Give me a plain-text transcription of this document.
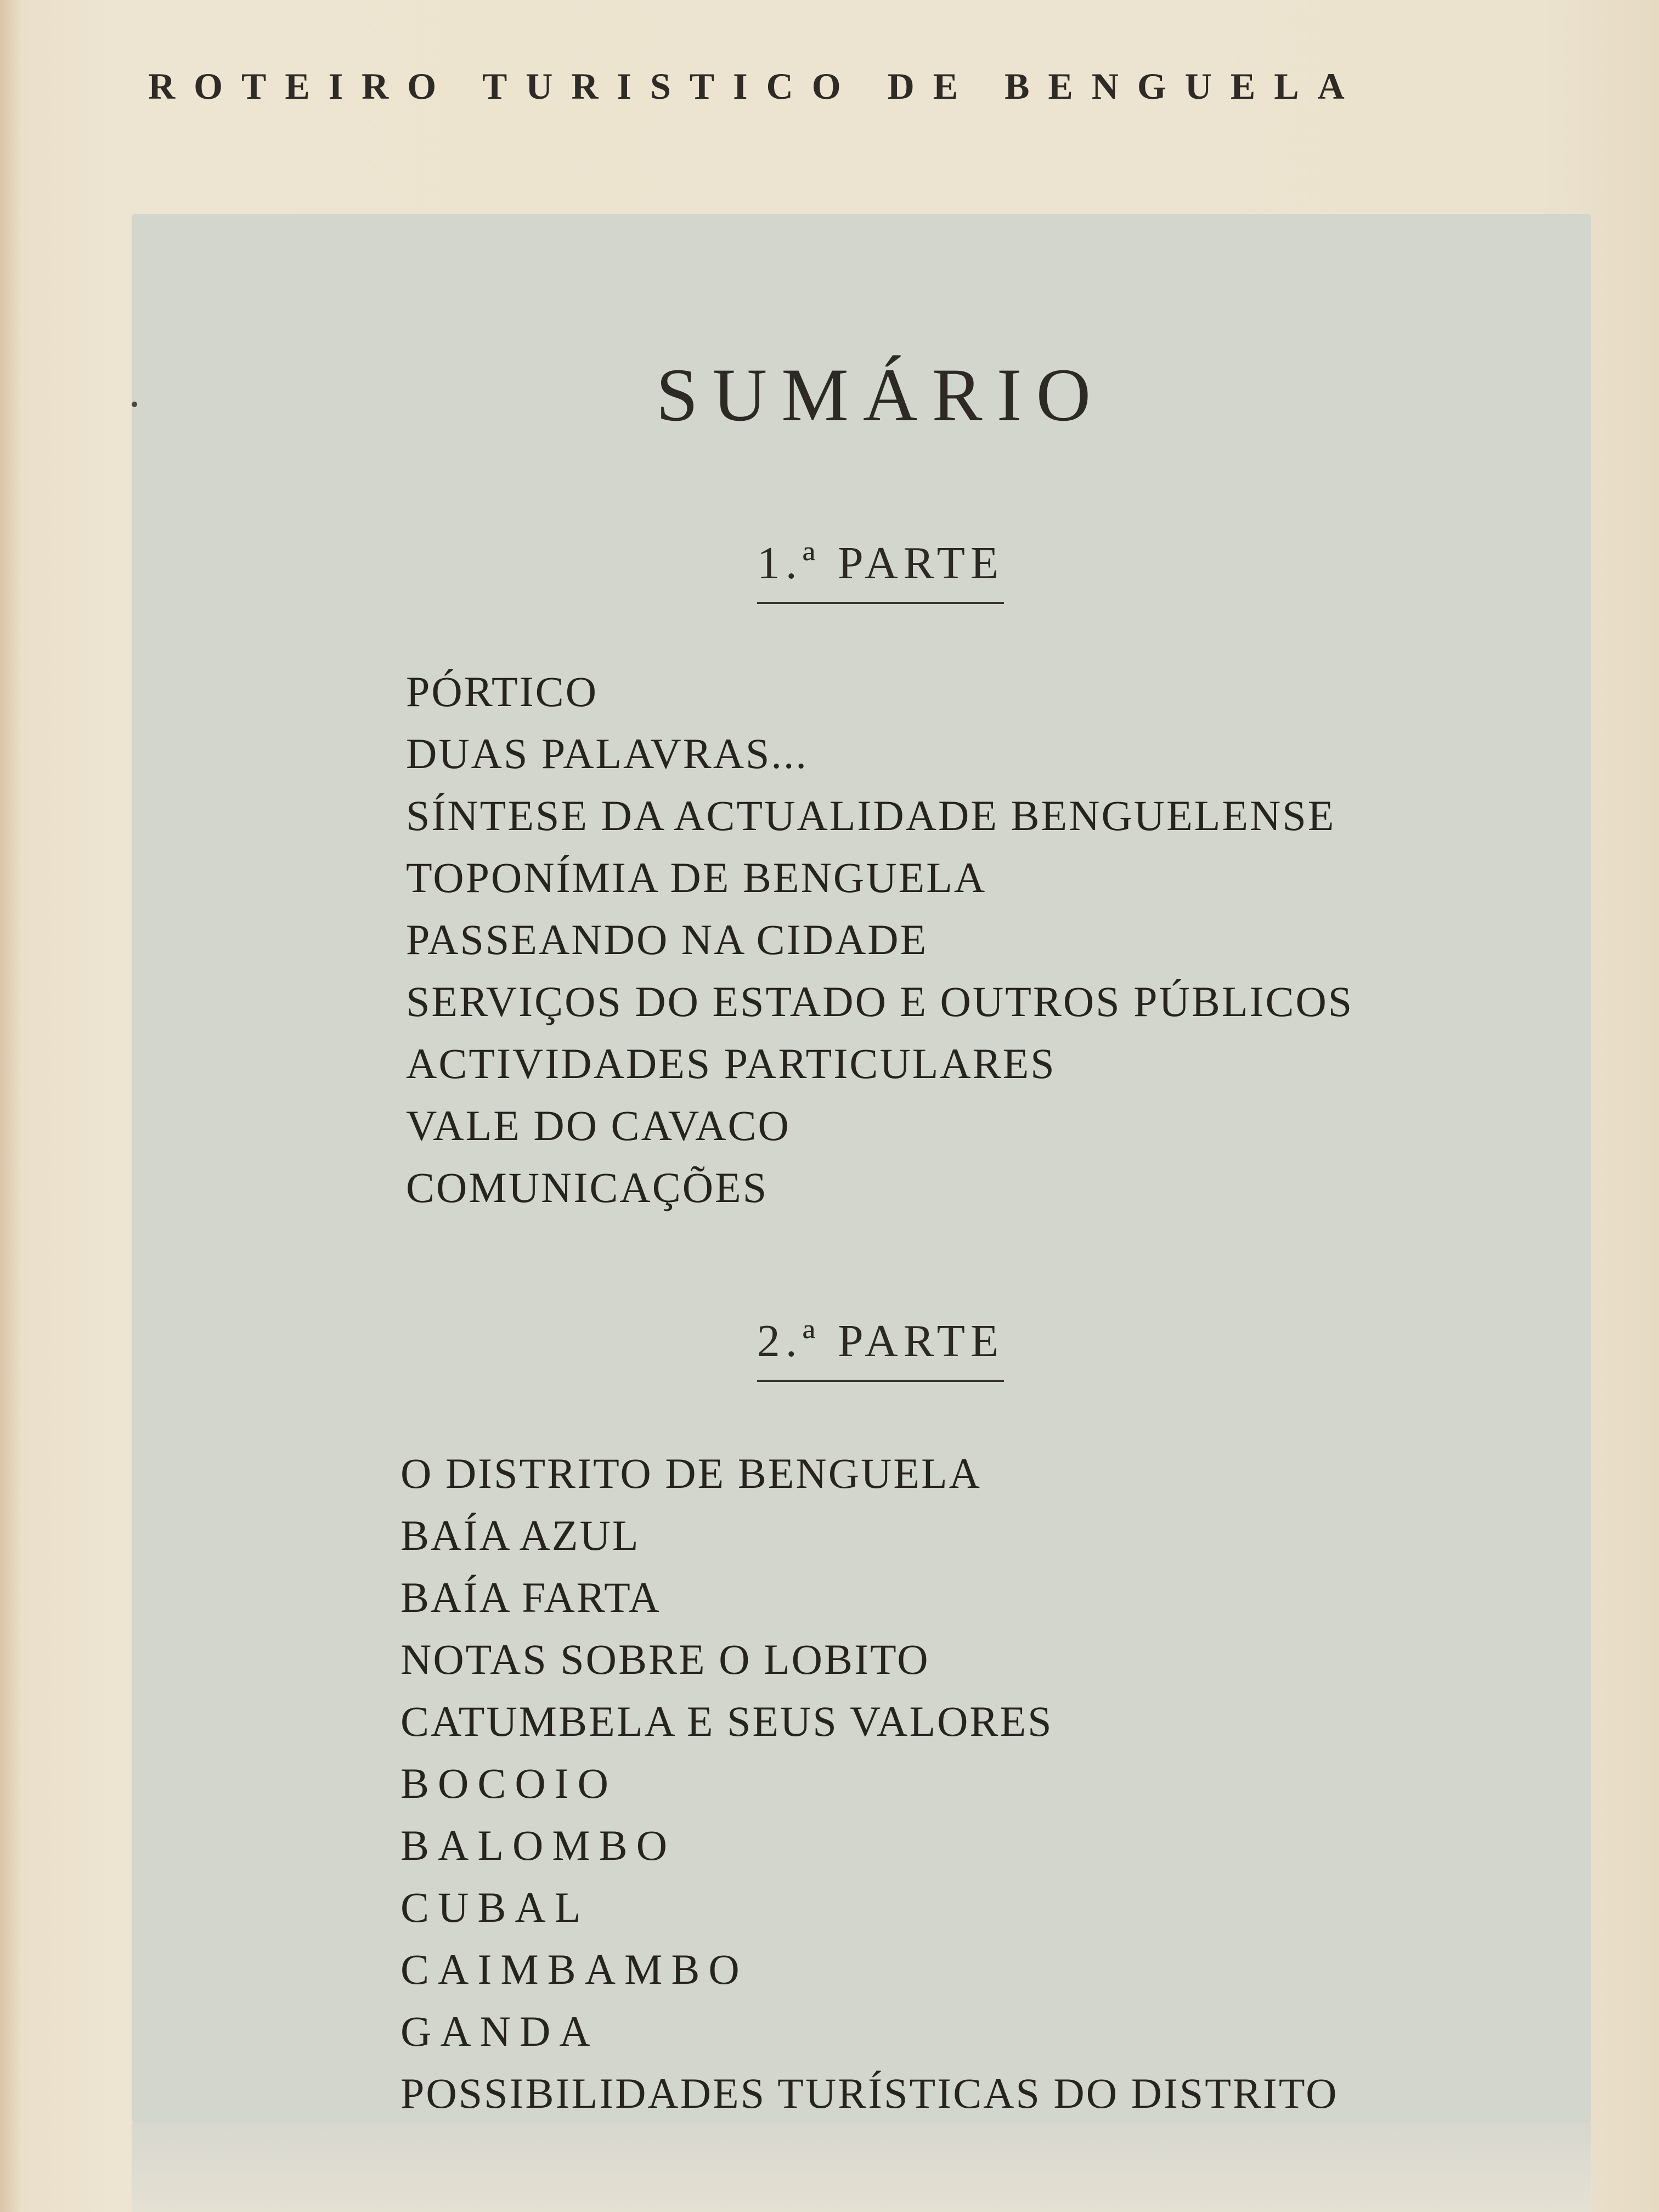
ROTEIRO TURISTICO DE BENGUELA
SUMÁRIO
1.ª PARTE
PÓRTICO
DUAS PALAVRAS...
SÍNTESE DA ACTUALIDADE BENGUELENSE
TOPONÍMIA DE BENGUELA
PASSEANDO NA CIDADE
SERVIÇOS DO ESTADO E OUTROS PÚBLICOS
ACTIVIDADES PARTICULARES
VALE DO CAVACO
COMUNICAÇÕES
2.ª PARTE
O DISTRITO DE BENGUELA
BAÍA AZUL
BAÍA FARTA
NOTAS SOBRE O LOBITO
CATUMBELA E SEUS VALORES
BOCOIO
BALOMBO
CUBAL
CAIMBAMBO
GANDA
POSSIBILIDADES TURÍSTICAS DO DISTRITO
